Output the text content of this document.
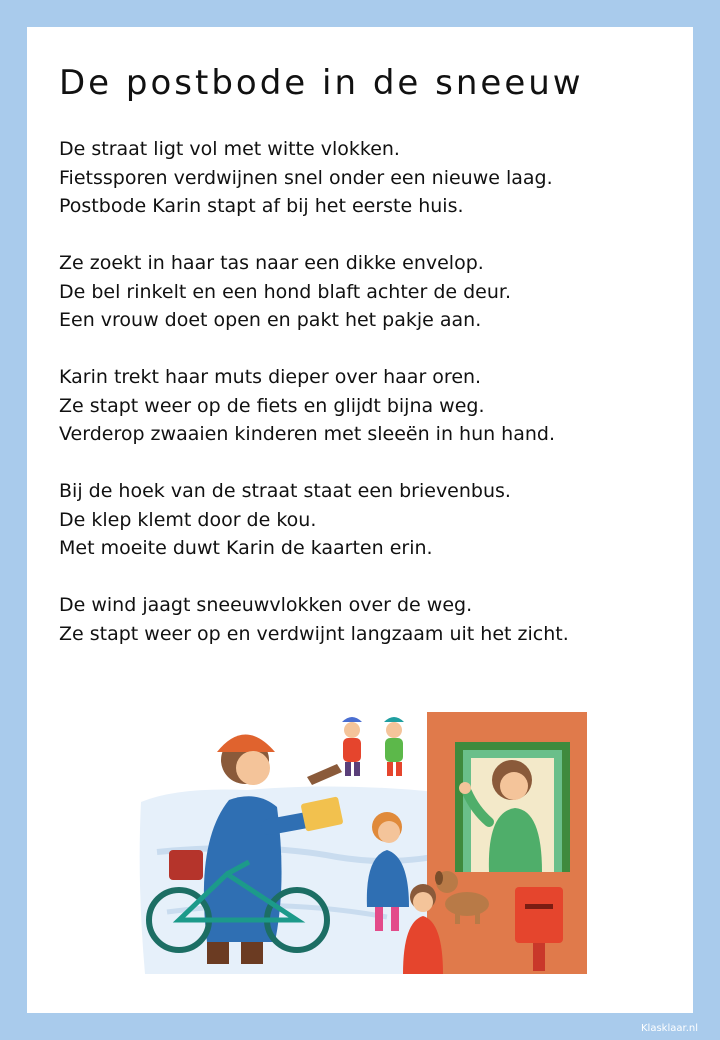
De postbode in de sneeuw

De straat ligt vol met witte vlokken.
Fietssporen verdwijnen snel onder een nieuwe laag.
Postbode Karin stapt af bij het eerste huis.

Ze zoekt in haar tas naar een dikke envelop.
De bel rinkelt en een hond blaft achter de deur.
Een vrouw doet open en pakt het pakje aan.

Karin trekt haar muts dieper over haar oren.
Ze stapt weer op de fiets en glijdt bijna weg.
Verderop zwaaien kinderen met sleeën in hun hand.

Bij de hoek van de straat staat een brievenbus.
De klep klemt door de kou.
Met moeite duwt Karin de kaarten erin.

De wind jaagt sneeuwvlokken over de weg.
Ze stapt weer op en verdwijnt langzaam uit het zicht.

Klasklaar.nl
